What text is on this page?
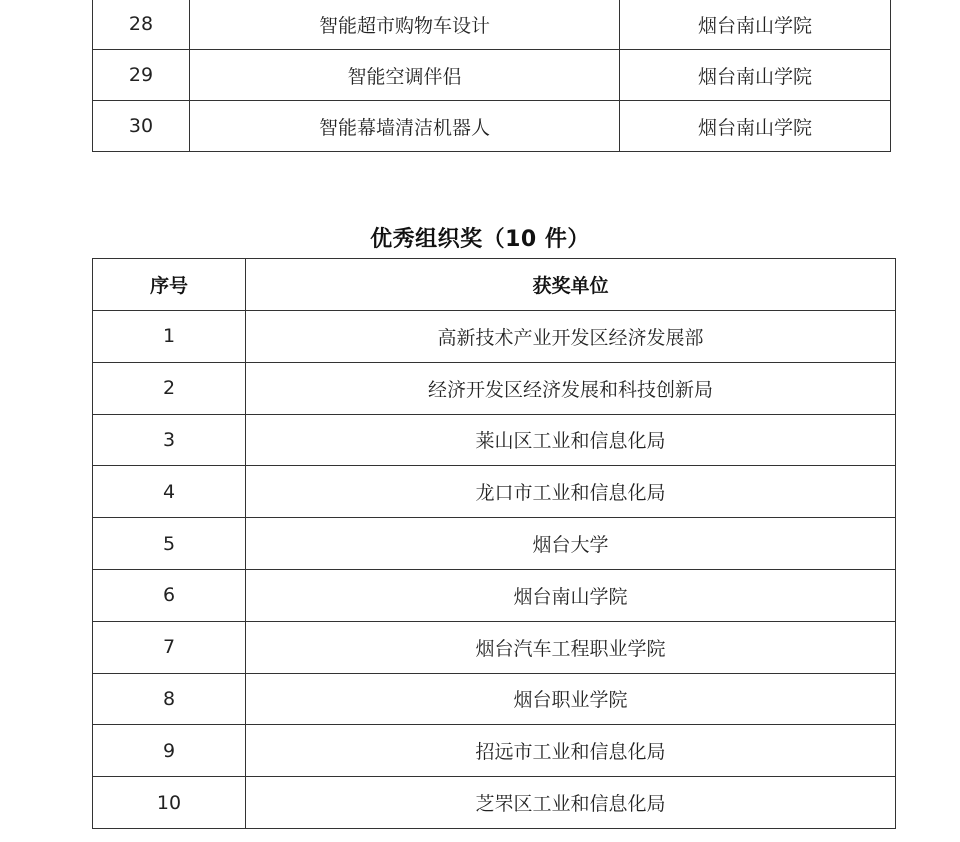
28	智能超市购物车设计	烟台南山学院
29	智能空调伴侣	烟台南山学院
30	智能幕墙清洁机器人	烟台南山学院
优秀组织奖（10 件）
序号	获奖单位
1	高新技术产业开发区经济发展部
2	经济开发区经济发展和科技创新局
3	莱山区工业和信息化局
4	龙口市工业和信息化局
5	烟台大学
6	烟台南山学院
7	烟台汽车工程职业学院
8	烟台职业学院
9	招远市工业和信息化局
10	芝罘区工业和信息化局
